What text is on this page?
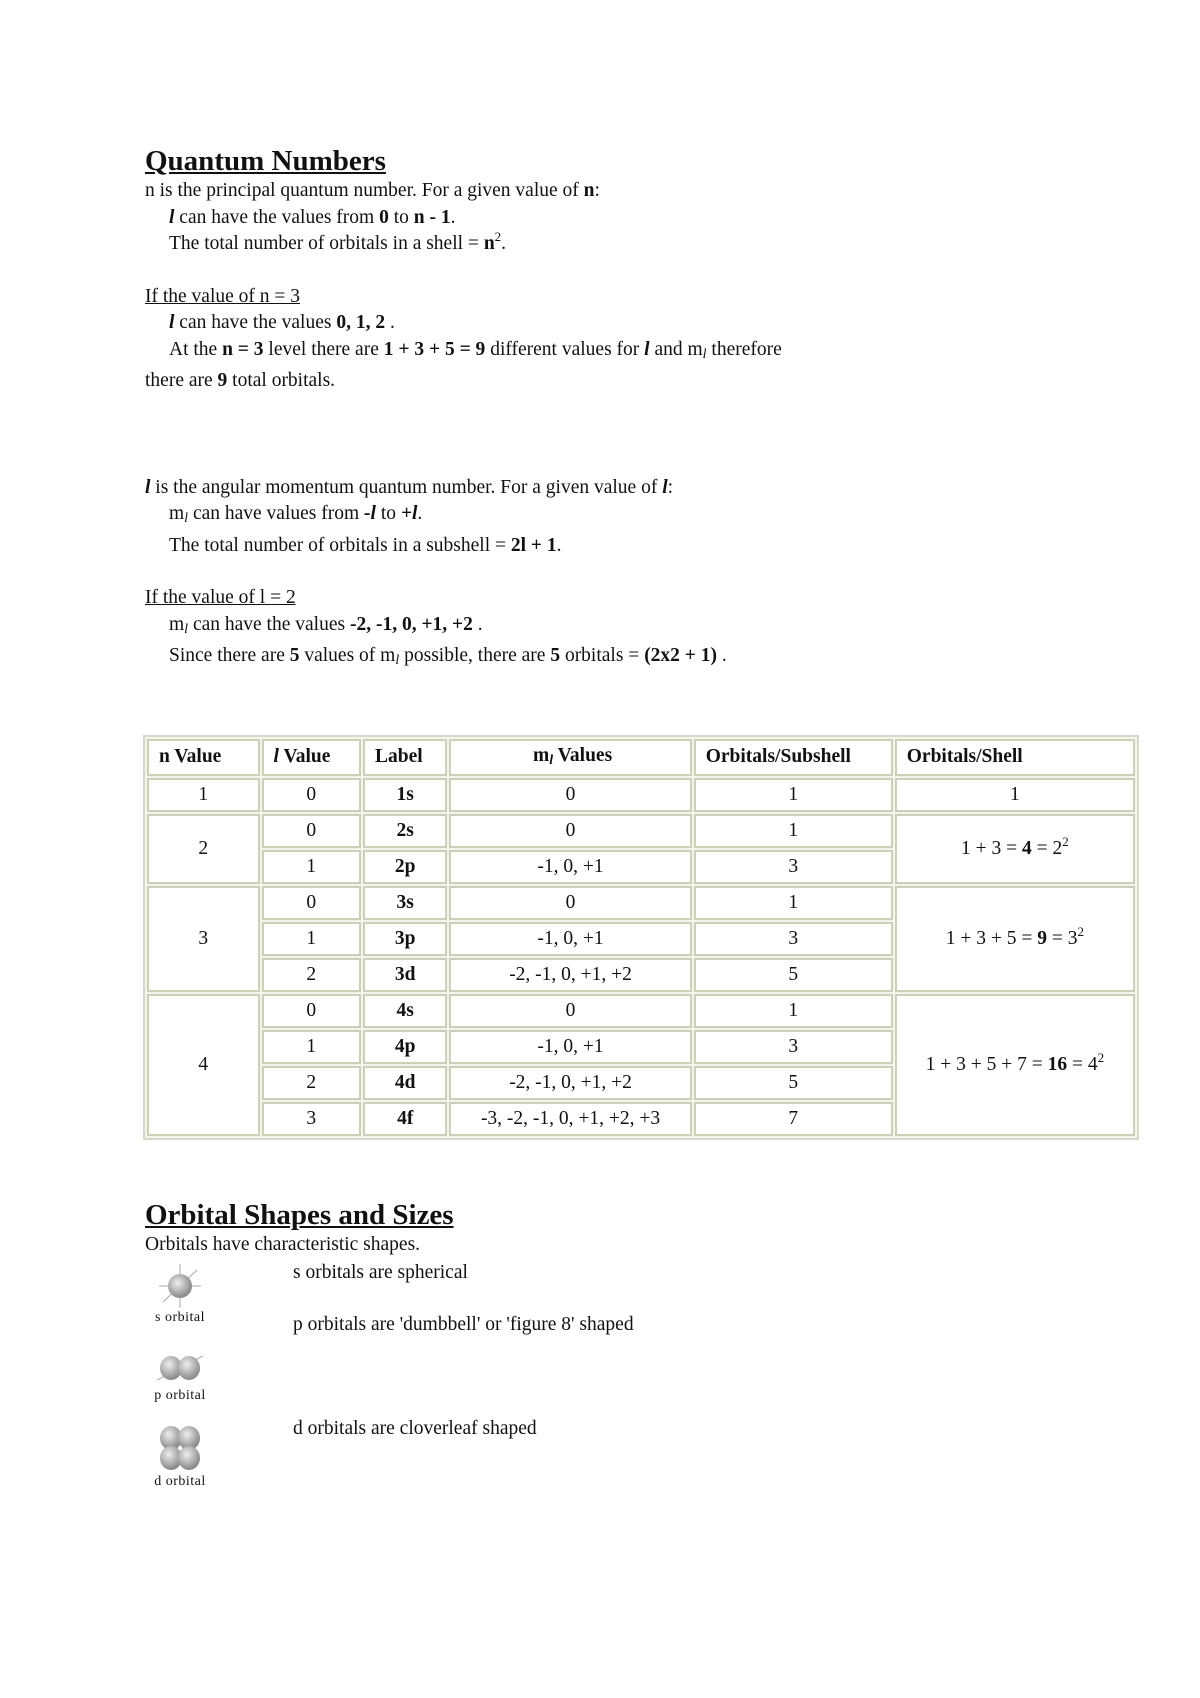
Quantum Numbers
n is the principal quantum number. For a given value of n:
l can have the values from 0 to n - 1.
The total number of orbitals in a shell = $n^2$.
If the value of n = 3
l can have the values 0, 1, 2 .
At the n = 3 level there are 1 + 3 + 5 = 9 different values for l and $m_l$ therefore
there are 9 total orbitals.
l is the angular momentum quantum number. For a given value of l:
$m_l$ can have values from -l to +l.
The total number of orbitals in a subshell = 2l + 1.
If the value of l = 2
$m_l$ can have the values -2, -1, 0, +1, +2 .
Since there are 5 values of $m_l$ possible, there are 5 orbitals = (2x2 + 1) .
n Value	l Value	Label	$m_l$ Values	Orbitals/Subshell	Orbitals/Shell
1	0	1s	0	1	1
2	0	2s	0	1	$1 + 3 = 4 = 2^2$
	1	2p	-1, 0, +1	3	
3	0	3s	0	1	$1 + 3 + 5 = 9 = 3^2$
	1	3p	-1, 0, +1	3	
	2	3d	-2, -1, 0, +1, +2	5	
4	0	4s	0	1	$1 + 3 + 5 + 7 = 16 = 4^2$
	1	4p	-1, 0, +1	3	
	2	4d	-2, -1, 0, +1, +2	5	
	3	4f	-3, -2, -1, 0, +1, +2, +3	7	
Orbital Shapes and Sizes
Orbitals have characteristic shapes.
s orbital
p orbital
d orbital
s orbitals are spherical
p orbitals are 'dumbbell' or 'figure 8' shaped
d orbitals are cloverleaf shaped
